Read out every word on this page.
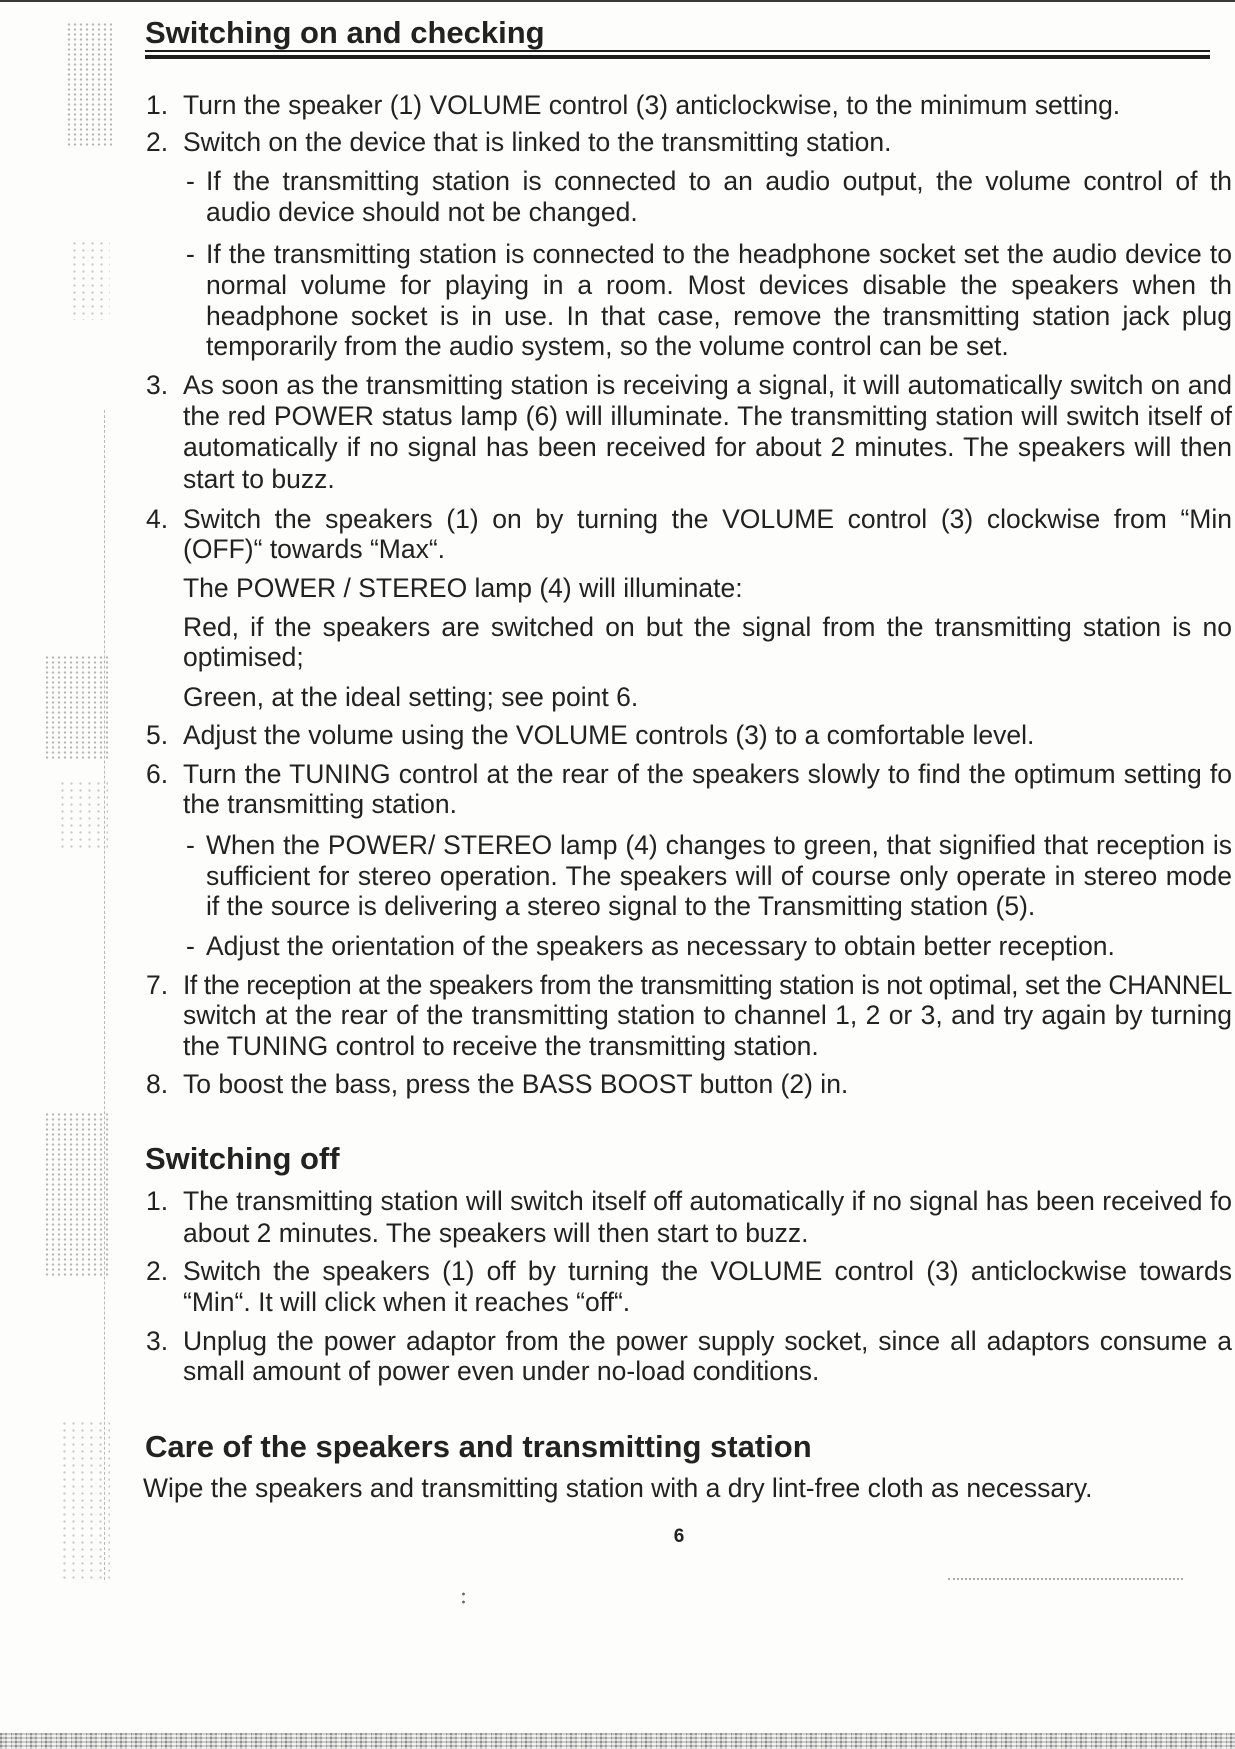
Switching on and checking
1. Turn the speaker (1) VOLUME control (3) anticlockwise, to the minimum setting.
2. Switch on the device that is linked to the transmitting station.
- If the transmitting station is connected to an audio output, the volume control of th
audio device should not be changed.
- If the transmitting station is connected to the headphone socket set the audio device to
normal volume for playing in a room. Most devices disable the speakers when th
headphone socket is in use. In that case, remove the transmitting station jack plug
temporarily from the audio system, so the volume control can be set.
3. As soon as the transmitting station is receiving a signal, it will automatically switch on and
the red POWER status lamp (6) will illuminate. The transmitting station will switch itself of
automatically if no signal has been received for about 2 minutes. The speakers will then
start to buzz.
4. Switch the speakers (1) on by turning the VOLUME control (3) clockwise from “Min
(OFF)“ towards “Max“.
The POWER / STEREO lamp (4) will illuminate:
Red, if the speakers are switched on but the signal from the transmitting station is no
optimised;
Green, at the ideal setting; see point 6.
5. Adjust the volume using the VOLUME controls (3) to a comfortable level.
6. Turn the TUNING control at the rear of the speakers slowly to find the optimum setting fo
the transmitting station.
- When the POWER/ STEREO lamp (4) changes to green, that signified that reception is
sufficient for stereo operation. The speakers will of course only operate in stereo mode
if the source is delivering a stereo signal to the Transmitting station (5).
- Adjust the orientation of the speakers as necessary to obtain better reception.
7. If the reception at the speakers from the transmitting station is not optimal, set the CHANNEL
switch at the rear of the transmitting station to channel 1, 2 or 3, and try again by turning
the TUNING control to receive the transmitting station.
8. To boost the bass, press the BASS BOOST button (2) in.
Switching off
1. The transmitting station will switch itself off automatically if no signal has been received fo
about 2 minutes. The speakers will then start to buzz.
2. Switch the speakers (1) off by turning the VOLUME control (3) anticlockwise towards
“Min“. It will click when it reaches “off“.
3. Unplug the power adaptor from the power supply socket, since all adaptors consume a
small amount of power even under no-load conditions.
Care of the speakers and transmitting station
Wipe the speakers and transmitting station with a dry lint-free cloth as necessary.
6
